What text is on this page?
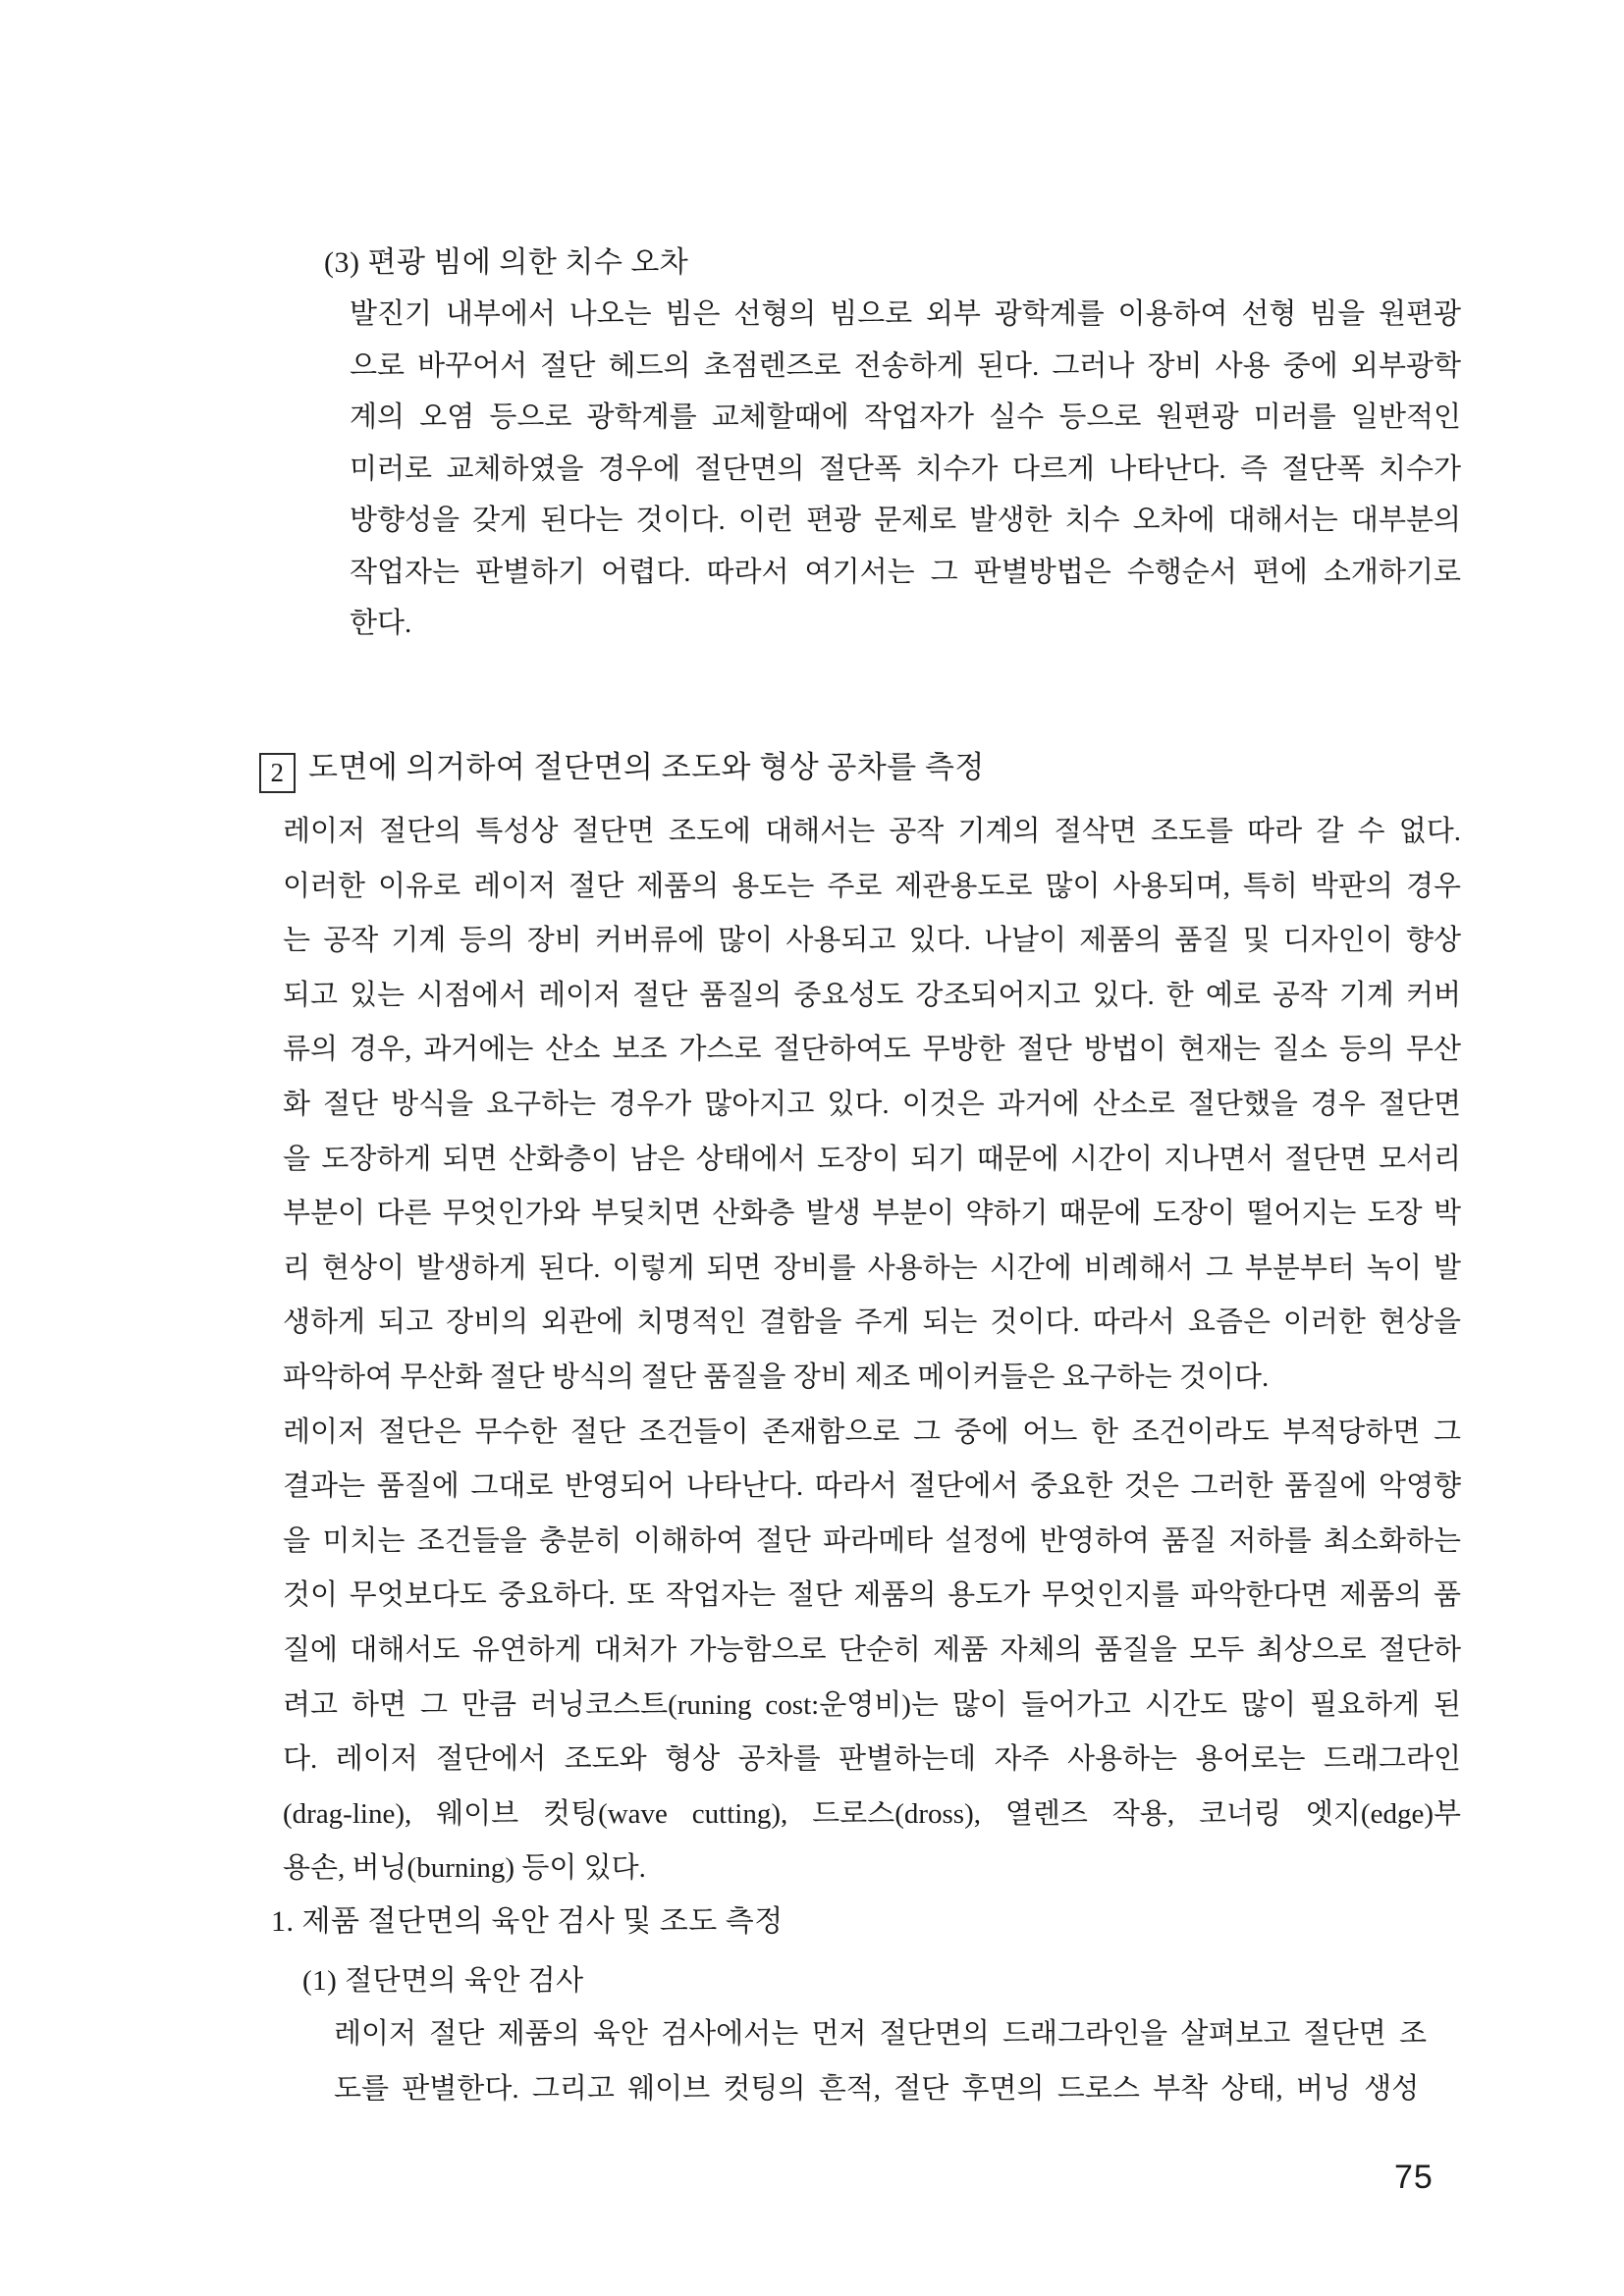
(3) 편광 빔에 의한 치수 오차
발진기 내부에서 나오는 빔은 선형의 빔으로 외부 광학계를 이용하여 선형 빔을 원편광
으로 바꾸어서 절단 헤드의 초점렌즈로 전송하게 된다. 그러나 장비 사용 중에 외부광학
계의 오염 등으로 광학계를 교체할때에 작업자가 실수 등으로 원편광 미러를 일반적인
미러로 교체하였을 경우에 절단면의 절단폭 치수가 다르게 나타난다. 즉 절단폭 치수가
방향성을 갖게 된다는 것이다. 이런 편광 문제로 발생한 치수 오차에 대해서는 대부분의
작업자는 판별하기 어렵다. 따라서 여기서는 그 판별방법은 수행순서 편에 소개하기로
한다.
2 도면에 의거하여 절단면의 조도와 형상 공차를 측정
레이저 절단의 특성상 절단면 조도에 대해서는 공작 기계의 절삭면 조도를 따라 갈 수 없다.
이러한 이유로 레이저 절단 제품의 용도는 주로 제관용도로 많이 사용되며, 특히 박판의 경우
는 공작 기계 등의 장비 커버류에 많이 사용되고 있다. 나날이 제품의 품질 및 디자인이 향상
되고 있는 시점에서 레이저 절단 품질의 중요성도 강조되어지고 있다. 한 예로 공작 기계 커버
류의 경우, 과거에는 산소 보조 가스로 절단하여도 무방한 절단 방법이 현재는 질소 등의 무산
화 절단 방식을 요구하는 경우가 많아지고 있다. 이것은 과거에 산소로 절단했을 경우 절단면
을 도장하게 되면 산화층이 남은 상태에서 도장이 되기 때문에 시간이 지나면서 절단면 모서리
부분이 다른 무엇인가와 부딪치면 산화층 발생 부분이 약하기 때문에 도장이 떨어지는 도장 박
리 현상이 발생하게 된다. 이렇게 되면 장비를 사용하는 시간에 비례해서 그 부분부터 녹이 발
생하게 되고 장비의 외관에 치명적인 결함을 주게 되는 것이다. 따라서 요즘은 이러한 현상을
파악하여 무산화 절단 방식의 절단 품질을 장비 제조 메이커들은 요구하는 것이다.
레이저 절단은 무수한 절단 조건들이 존재함으로 그 중에 어느 한 조건이라도 부적당하면 그
결과는 품질에 그대로 반영되어 나타난다. 따라서 절단에서 중요한 것은 그러한 품질에 악영향
을 미치는 조건들을 충분히 이해하여 절단 파라메타 설정에 반영하여 품질 저하를 최소화하는
것이 무엇보다도 중요하다. 또 작업자는 절단 제품의 용도가 무엇인지를 파악한다면 제품의 품
질에 대해서도 유연하게 대처가 가능함으로 단순히 제품 자체의 품질을 모두 최상으로 절단하
려고 하면 그 만큼 러닝코스트(runing cost:운영비)는 많이 들어가고 시간도 많이 필요하게 된
다. 레이저 절단에서 조도와 형상 공차를 판별하는데 자주 사용하는 용어로는 드래그라인
(drag-line), 웨이브 컷팅(wave cutting), 드로스(dross), 열렌즈 작용, 코너링 엣지(edge)부
용손, 버닝(burning) 등이 있다.
1. 제품 절단면의 육안 검사 및 조도 측정
(1) 절단면의 육안 검사
레이저 절단 제품의 육안 검사에서는 먼저 절단면의 드래그라인을 살펴보고 절단면 조
도를 판별한다. 그리고 웨이브 컷팅의 흔적, 절단 후면의 드로스 부착 상태, 버닝 생성
75
